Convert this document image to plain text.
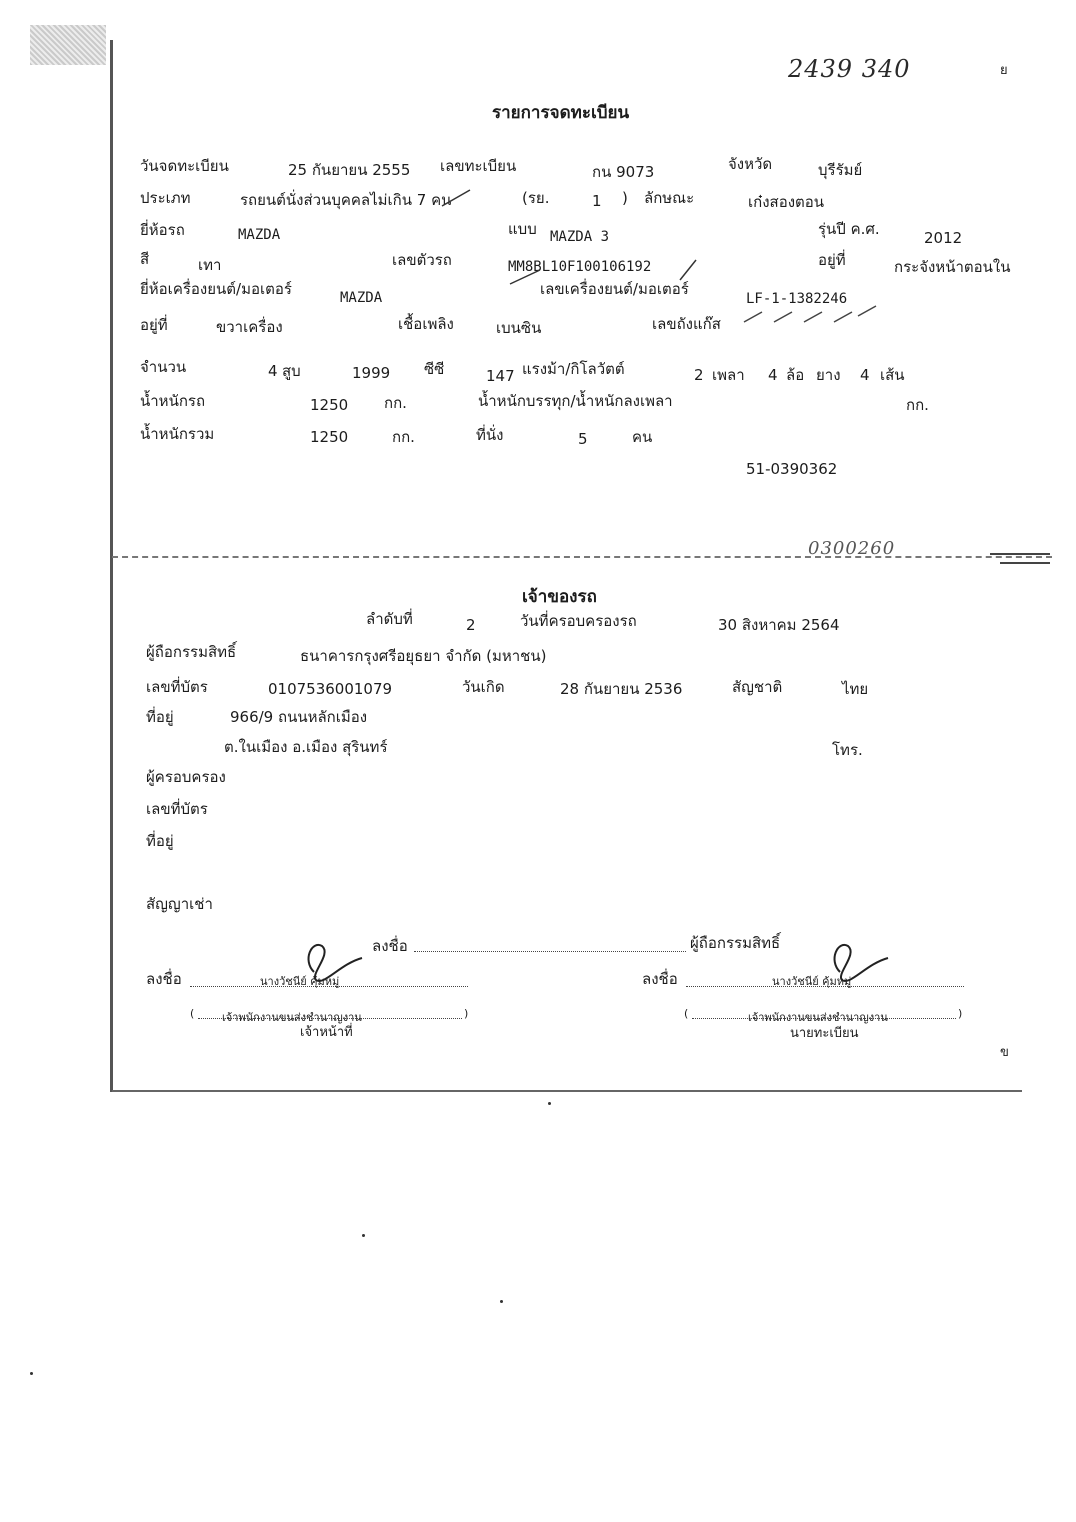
2439 340	ย
รายการจดทะเบียน
วันจดทะเบียน	25 กันยายน 2555 เลขทะเบียน	กน 9073	จังหวัด	บุรีรัมย์
ประเภท	รถยนต์นั่งส่วนบุคคลไม่เกิน 7 คน	(รย.	1 ) ลักษณะ	เก๋งสองตอน
ยี่ห้อรถ	MAZDA	แบบ MAZDA 3	รุ่นปี ค.ศ.	2012
สี	เทา	เลขตัวรถ	MM8BL10F100106192	อยู่ที่	กระจังหน้าตอนใน
ยี่ห้อเครื่องยนต์/มอเตอร์	MAZDA	เลขเครื่องยนต์/มอเตอร์
LF-1-1382246
อยู่ที่	ขวาเครื่อง	เชื้อเพลิง	เบนซิน	เลขถังแก๊ส
จำนวน	4 สูบ	1999 ซีซี	147 แรงม้า/กิโลวัตต์	2 เพลา 4 ล้อ ยาง 4 เส้น
น้ำหนักรถ	1250 กก.	น้ำหนักบรรทุก/น้ำหนักลงเพลา	กก.
น้ำหนักรวม	1250	กก.	ที่นั่ง	5	คน
51-0390362
0300260
เจ้าของรถ
ลำดับที่	2	วันที่ครอบครองรถ	30 สิงหาคม 2564
ผู้ถือกรรมสิทธิ์	ธนาคารกรุงศรีอยุธยา จำกัด (มหาชน)
เลขที่บัตร	0107536001079	วันเกิด	28 กันยายน 2536	สัญชาติ	ไทย
ที่อยู่	966/9 ถนนหลักเมือง
ต.ในเมือง อ.เมือง สุรินทร์	โทร.
ผู้ครอบครอง
เลขที่บัตร
ที่อยู่
สัญญาเช่า
ลงชื่อ	ผู้ถือกรรมสิทธิ์
ลงชื่อ	นางวัชนีย์ คุ้มหมู่
(	เจ้าพนักงานขนส่งชำนาญงาน	)
เจ้าหน้าที่
ลงชื่อ	นางวัชนีย์ คุ้มหมู่
(	เจ้าพนักงานขนส่งชำนาญงาน	)
นายทะเบียน
ข
